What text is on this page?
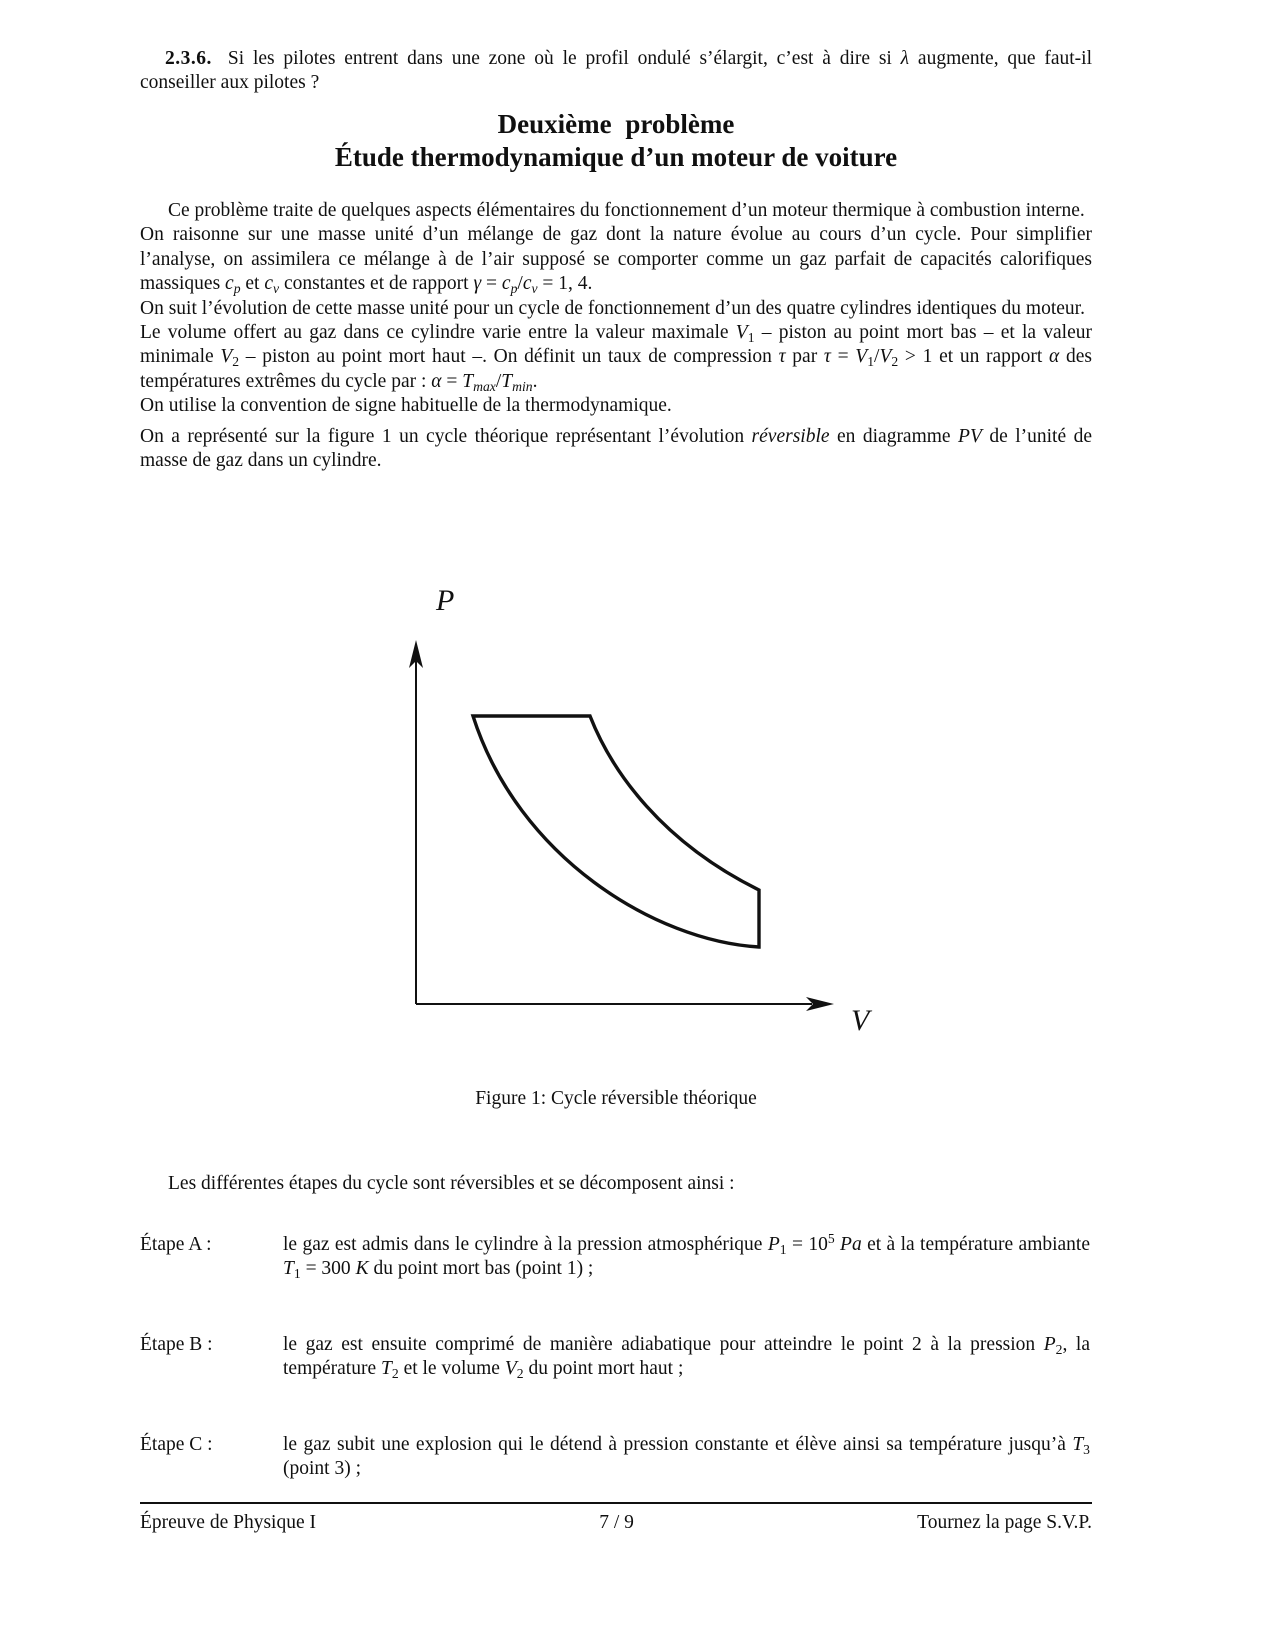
2.3.6. Si les pilotes entrent dans une zone où le profil ondulé s’élargit, c’est à dire si λ augmente, que faut-il conseiller aux pilotes ?

Deuxième problème
Étude thermodynamique d’un moteur de voiture

Ce problème traite de quelques aspects élémentaires du fonctionnement d’un moteur thermique à combustion interne.

On raisonne sur une masse unité d’un mélange de gaz dont la nature évolue au cours d’un cycle. Pour simplifier l’analyse, on assimilera ce mélange à de l’air supposé se comporter comme un gaz parfait de capacités calorifiques massiques cp et cv constantes et de rapport γ = cp/cv = 1, 4.

On suit l’évolution de cette masse unité pour un cycle de fonctionnement d’un des quatre cylindres identiques du moteur.

Le volume offert au gaz dans ce cylindre varie entre la valeur maximale V1 – piston au point mort bas – et la valeur minimale V2 – piston au point mort haut –. On définit un taux de compression τ par τ = V1/V2 > 1 et un rapport α des températures extrêmes du cycle par : α = Tmax/Tmin.

On utilise la convention de signe habituelle de la thermodynamique.

On a représenté sur la figure 1 un cycle théorique représentant l’évolution réversible en diagramme PV de l’unité de masse de gaz dans un cylindre.

P
V
Figure 1: Cycle réversible théorique

Les différentes étapes du cycle sont réversibles et se décomposent ainsi :

Étape A :	le gaz est admis dans le cylindre à la pression atmosphérique $P1 = 10^5$ Pa et à la température ambiante T1 = 300 K du point mort bas (point 1) ;
Étape B :	le gaz est ensuite comprimé de manière adiabatique pour atteindre le point 2 à la pression P2, la température T2 et le volume V2 du point mort haut ;
Étape C :	le gaz subit une explosion qui le détend à pression constante et élève ainsi sa température jusqu’à T3 (point 3) ;
Épreuve de Physique I	7 / 9	Tournez la page S.V.P.
